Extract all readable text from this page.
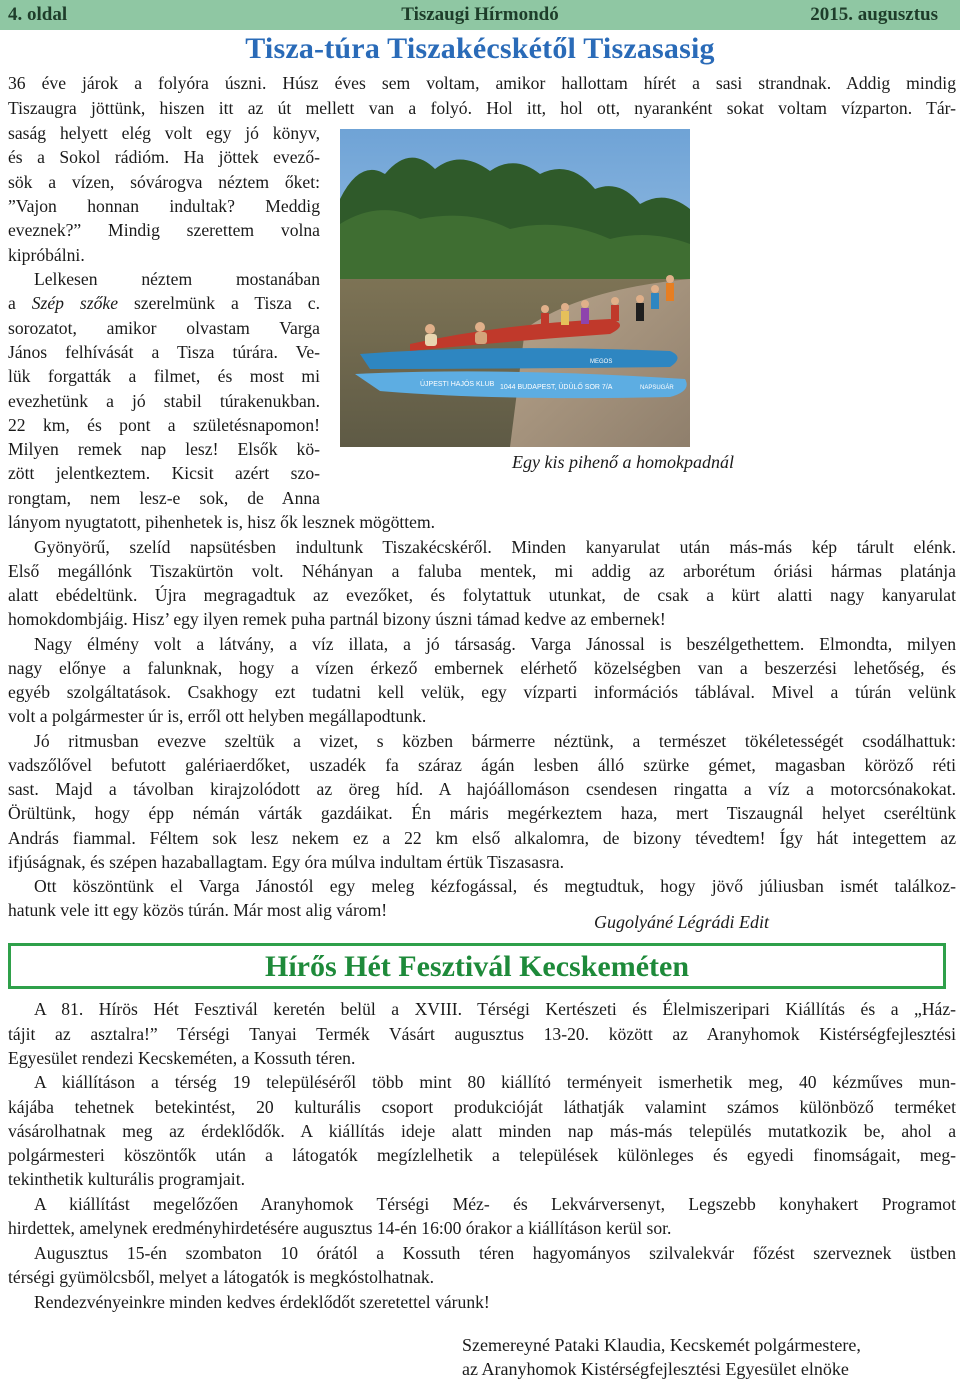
4. oldal	Tiszaugi Hírmondó	2015. augusztus
Tisza-túra Tiszakécskétől Tiszasasig
36 éve járok a folyóra úszni. Húsz éves sem voltam, amikor hallottam hírét a sasi strandnak. Addig mindig
Tiszaugra jöttünk, hiszen itt az út mellett van a folyó. Hol itt, hol ott, nyaranként sokat voltam vízparton. Tár-
saság helyett elég volt egy jó könyv,
és a Sokol rádióm. Ha jöttek evező-
sök a vízen, sóvárogva néztem őket:
”Vajon honnan indultak? Meddig
eveznek?” Mindig szerettem volna
kipróbálni.
Lelkesen néztem mostanában
a Szép szőke szerelmünk a Tisza c.
sorozatot, amikor olvastam Varga
János felhívását a Tisza túrára. Ve-
lük forgatták a filmet, és most mi
evezhetünk a jó stabil túrakenukban.
22 km, és pont a születésnapomon!
Milyen remek nap lesz! Elsők kö-
zött jelentkeztem. Kicsit azért szo-
rongtam, nem lesz-e sok, de Anna
lányom nyugtatott, pihenhetek is, hisz ők lesznek mögöttem.
Gyönyörű, szelíd napsütésben indultunk Tiszakécskéről. Minden kanyarulat után más-más kép tárult elénk.
Első megállónk Tiszakürtön volt. Néhányan a faluba mentek, mi addig az arborétum óriási hármas platánja
alatt ebédeltünk. Újra megragadtuk az evezőket, és folytattuk utunkat, de csak a kürt alatti nagy kanyarulat
homokdombjáig. Hisz’ egy ilyen remek puha partnál bizony úszni támad kedve az embernek!
Nagy élmény volt a látvány, a víz illata, a jó társaság. Varga Jánossal is beszélgethettem. Elmondta, milyen
nagy előnye a falunknak, hogy a vízen érkező embernek elérhető közelségben van a beszerzési lehetőség, és
egyéb szolgáltatások. Csakhogy ezt tudatni kell velük, egy vízparti információs táblával. Mivel a túrán velünk
volt a polgármester úr is, erről ott helyben megállapodtunk.
Jó ritmusban evezve szeltük a vizet, s közben bármerre néztünk, a természet tökéletességét csodálhattuk:
vadszőlővel befutott galériaerdőket, uszadék fa száraz ágán lesben álló szürke gémet, magasban köröző réti
sast. Majd a távolban kirajzolódott az öreg híd. A hajóállomáson csendesen ringatta a víz a motorcsónakokat.
Örültünk, hogy épp némán várták gazdáikat. Én máris megérkeztem haza, mert Tiszaugnál helyet cseréltünk
András fiammal. Féltem sok lesz nekem ez a 22 km első alkalomra, de bizony tévedtem! Így hát integettem az
ifjúságnak, és szépen hazaballagtam. Egy óra múlva indultam értük Tiszasasra.
Ott köszöntünk el Varga Jánostól egy meleg kézfogással, és megtudtuk, hogy jövő júliusban ismét találkoz-
hatunk vele itt egy közös túrán. Már most alig várom!
MEGOS
ÚJPESTI HAJÓS KLUB 1044 BUDAPEST, ÜDÜLŐ SOR 7/A	NAPSUGÁR
Egy kis pihenő a homokpadnál
Gugolyáné Légrádi Edit
Hírős Hét Fesztivál Kecskeméten
A 81. Hírös Hét Fesztivál keretén belül a XVIII. Térségi Kertészeti és Élelmiszeripari Kiállítás és a „Ház-
tájit az asztalra!” Térségi Tanyai Termék Vásárt augusztus 13-20. között az Aranyhomok Kistérségfejlesztési
Egyesület rendezi Kecskeméten, a Kossuth téren.
A kiállításon a térség 19 településéről több mint 80 kiállító terményeit ismerhetik meg, 40 kézműves mun-
kájába tehetnek betekintést, 20 kulturális csoport produkcióját láthatják valamint számos különböző terméket
vásárolhatnak meg az érdeklődők. A kiállítás ideje alatt minden nap más-más település mutatkozik be, ahol a
polgármesteri köszöntők után a látogatók megízlelhetik a települések különleges és egyedi finomságait, meg-
tekinthetik kulturális programjait.
A kiállítást megelőzően Aranyhomok Térségi Méz- és Lekvárversenyt, Legszebb konyhakert Programot
hirdettek, amelynek eredményhirdetésére augusztus 14-én 16:00 órakor a kiállításon kerül sor.
Augusztus 15-én szombaton 10 órától a Kossuth téren hagyományos szilvalekvár főzést szerveznek üstben
térségi gyümölcsből, melyet a látogatók is megkóstolhatnak.
Rendezvényeinkre minden kedves érdeklődőt szeretettel várunk!
Szemereyné Pataki Klaudia, Kecskemét polgármestere,
az Aranyhomok Kistérségfejlesztési Egyesület elnöke
